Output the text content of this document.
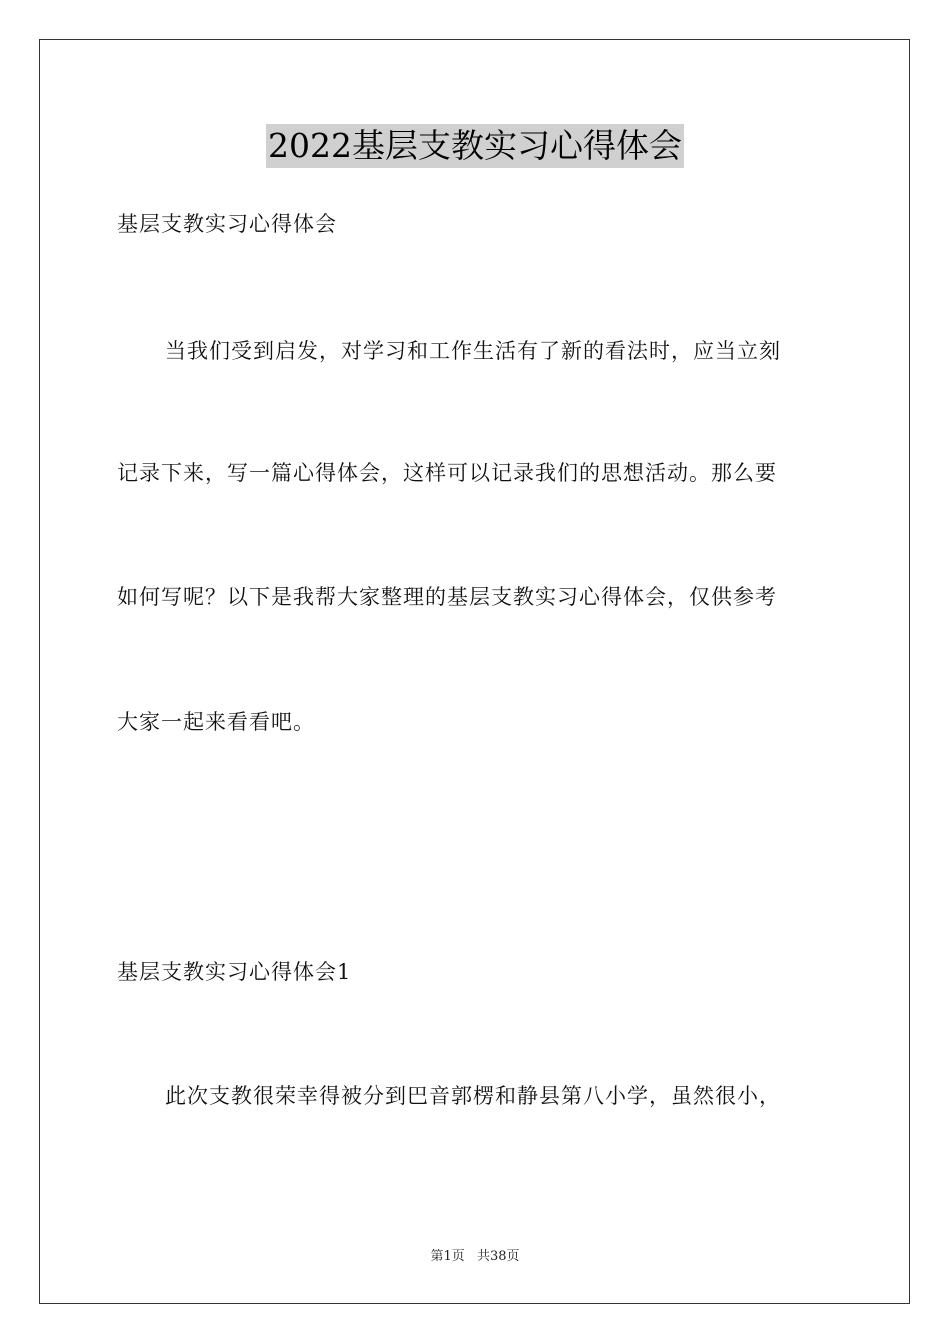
2022基层支教实习心得体会
基层支教实习心得体会
当我们受到启发，对学习和工作生活有了新的看法时，应当立刻
记录下来，写一篇心得体会，这样可以记录我们的思想活动。那么要
如何写呢？以下是我帮大家整理的基层支教实习心得体会，仅供参考
大家一起来看看吧。
基层支教实习心得体会1
此次支教很荣幸得被分到巴音郭楞和静县第八小学，虽然很小，
第1页 共38页
